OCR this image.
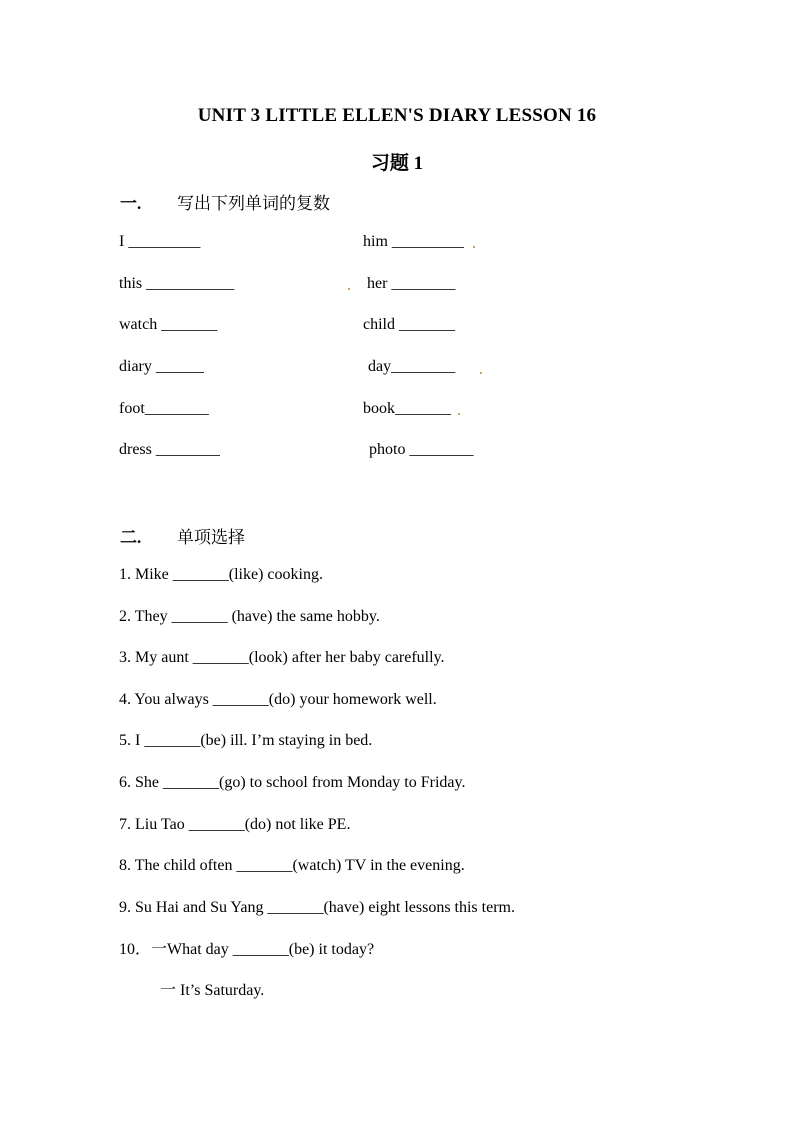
UNIT 3 LITTLE ELLEN'S DIARY LESSON 16
习题 1
一.	写出下列单词的复数
I _________	him _________
this ___________	her ________
watch _______	child _______
diary ______	day________
foot________	book_______
dress ________	photo ________
二.	单项选择
1. Mike _______(like) cooking.
2. They _______ (have) the same hobby.
3. My aunt _______(look) after her baby carefully.
4. You always _______(do) your homework well.
5. I _______(be) ill. I’m staying in bed.
6. She _______(go) to school from Monday to Friday.
7. Liu Tao _______(do) not like PE.
8. The child often _______(watch) TV in the evening.
9. Su Hai and Su Yang _______(have) eight lessons this term.
10．一What day _______(be) it today?
一 It’s Saturday.
